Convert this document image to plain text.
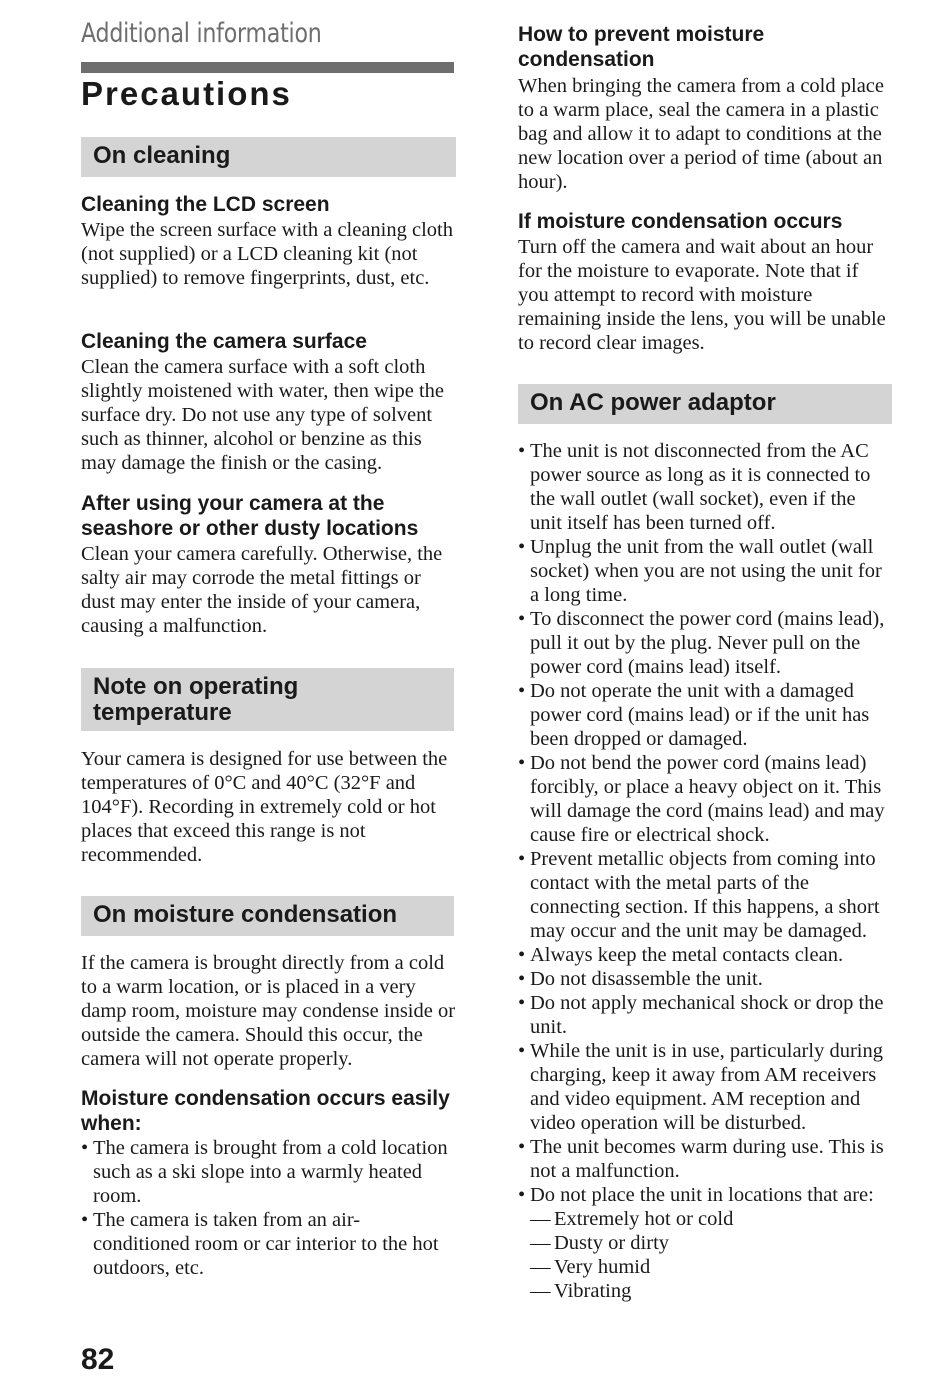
Additional information
Precautions
On cleaning
Cleaning the LCD screen
Wipe the screen surface with a cleaning cloth (not supplied) or a LCD cleaning kit (not supplied) to remove fingerprints, dust, etc.
Cleaning the camera surface
Clean the camera surface with a soft cloth slightly moistened with water, then wipe the surface dry. Do not use any type of solvent such as thinner, alcohol or benzine as this may damage the finish or the casing.
After using your camera at the seashore or other dusty locations
Clean your camera carefully. Otherwise, the salty air may corrode the metal fittings or dust may enter the inside of your camera, causing a malfunction.
Note on operating temperature
Your camera is designed for use between the temperatures of 0°C and 40°C (32°F and 104°F). Recording in extremely cold or hot places that exceed this range is not recommended.
On moisture condensation
If the camera is brought directly from a cold to a warm location, or is placed in a very damp room, moisture may condense inside or outside the camera. Should this occur, the camera will not operate properly.
Moisture condensation occurs easily when:
• The camera is brought from a cold location such as a ski slope into a warmly heated room.
• The camera is taken from an air-conditioned room or car interior to the hot outdoors, etc.
How to prevent moisture condensation
When bringing the camera from a cold place to a warm place, seal the camera in a plastic bag and allow it to adapt to conditions at the new location over a period of time (about an hour).
If moisture condensation occurs
Turn off the camera and wait about an hour for the moisture to evaporate. Note that if you attempt to record with moisture remaining inside the lens, you will be unable to record clear images.
On AC power adaptor
• The unit is not disconnected from the AC power source as long as it is connected to the wall outlet (wall socket), even if the unit itself has been turned off.
• Unplug the unit from the wall outlet (wall socket) when you are not using the unit for a long time.
• To disconnect the power cord (mains lead), pull it out by the plug. Never pull on the power cord (mains lead) itself.
• Do not operate the unit with a damaged power cord (mains lead) or if the unit has been dropped or damaged.
• Do not bend the power cord (mains lead) forcibly, or place a heavy object on it. This will damage the cord (mains lead) and may cause fire or electrical shock.
• Prevent metallic objects from coming into contact with the metal parts of the connecting section. If this happens, a short may occur and the unit may be damaged.
• Always keep the metal contacts clean.
• Do not disassemble the unit.
• Do not apply mechanical shock or drop the unit.
• While the unit is in use, particularly during charging, keep it away from AM receivers and video equipment. AM reception and video operation will be disturbed.
• The unit becomes warm during use. This is not a malfunction.
• Do not place the unit in locations that are:
— Extremely hot or cold
— Dusty or dirty
— Very humid
— Vibrating
82
